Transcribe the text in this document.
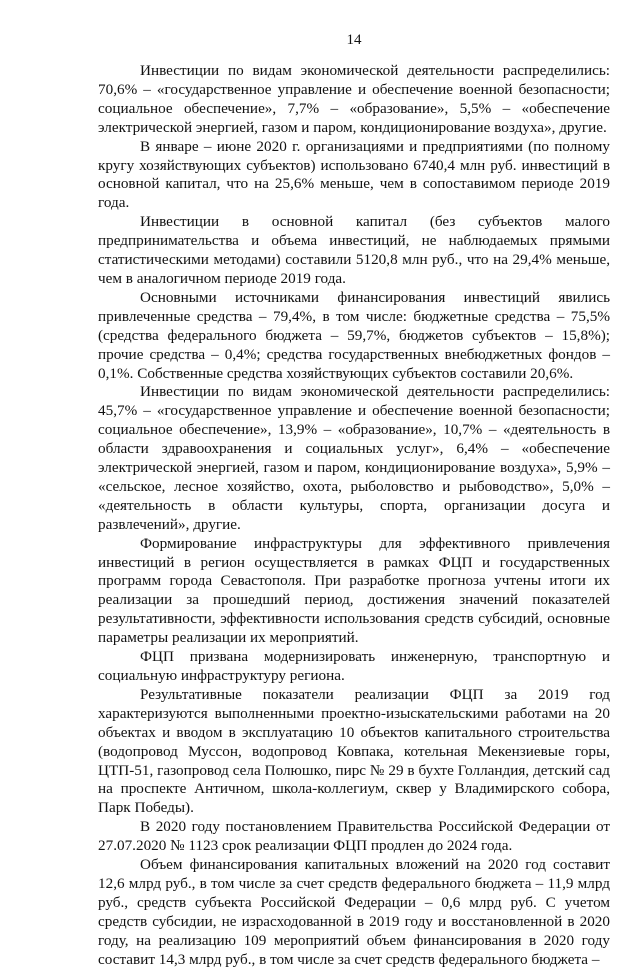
14

Инвестиции по видам экономической деятельности распределились: 70,6% – «государственное управление и обеспечение военной безопасности; социальное обеспечение», 7,7% – «образование», 5,5% – «обеспечение электрической энергией, газом и паром, кондиционирование воздуха», другие.

В январе – июне 2020 г. организациями и предприятиями (по полному кругу хозяйствующих субъектов) использовано 6740,4 млн руб. инвестиций в основной капитал, что на 25,6% меньше, чем в сопоставимом периоде 2019 года.

Инвестиции в основной капитал (без субъектов малого предпринимательства и объема инвестиций, не наблюдаемых прямыми статистическими методами) составили 5120,8 млн руб., что на 29,4% меньше, чем в аналогичном периоде 2019 года.

Основными источниками финансирования инвестиций явились привлеченные средства – 79,4%, в том числе: бюджетные средства – 75,5% (средства федерального бюджета – 59,7%, бюджетов субъектов – 15,8%); прочие средства – 0,4%; средства государственных внебюджетных фондов – 0,1%. Собственные средства хозяйствующих субъектов составили 20,6%.

Инвестиции по видам экономической деятельности распределились: 45,7% – «государственное управление и обеспечение военной безопасности; социальное обеспечение», 13,9% – «образование», 10,7% – «деятельность в области здравоохранения и социальных услуг», 6,4% – «обеспечение электрической энергией, газом и паром, кондиционирование воздуха», 5,9% – «сельское, лесное хозяйство, охота, рыболовство и рыбоводство», 5,0% – «деятельность в области культуры, спорта, организации досуга и развлечений», другие.

Формирование инфраструктуры для эффективного привлечения инвестиций в регион осуществляется в рамках ФЦП и государственных программ города Севастополя. При разработке прогноза учтены итоги их реализации за прошедший период, достижения значений показателей результативности, эффективности использования средств субсидий, основные параметры реализации их мероприятий.

ФЦП призвана модернизировать инженерную, транспортную и социальную инфраструктуру региона.

Результативные показатели реализации ФЦП за 2019 год характеризуются выполненными проектно-изыскательскими работами на 20 объектах и вводом в эксплуатацию 10 объектов капитального строительства (водопровод Муссон, водопровод Ковпака, котельная Мекензиевые горы, ЦТП-51, газопровод села Полюшко, пирс № 29 в бухте Голландия, детский сад на проспекте Античном, школа-коллегиум, сквер у Владимирского собора, Парк Победы).

В 2020 году постановлением Правительства Российской Федерации от 27.07.2020 № 1123 срок реализации ФЦП продлен до 2024 года.

Объем финансирования капитальных вложений на 2020 год составит 12,6 млрд руб., в том числе за счет средств федерального бюджета – 11,9 млрд руб., средств субъекта Российской Федерации – 0,6 млрд руб. С учетом средств субсидии, не израсходованной в 2019 году и восстановленной в 2020 году, на реализацию 109 мероприятий объем финансирования в 2020 году составит 14,3 млрд руб., в том числе за счет средств федерального бюджета –
